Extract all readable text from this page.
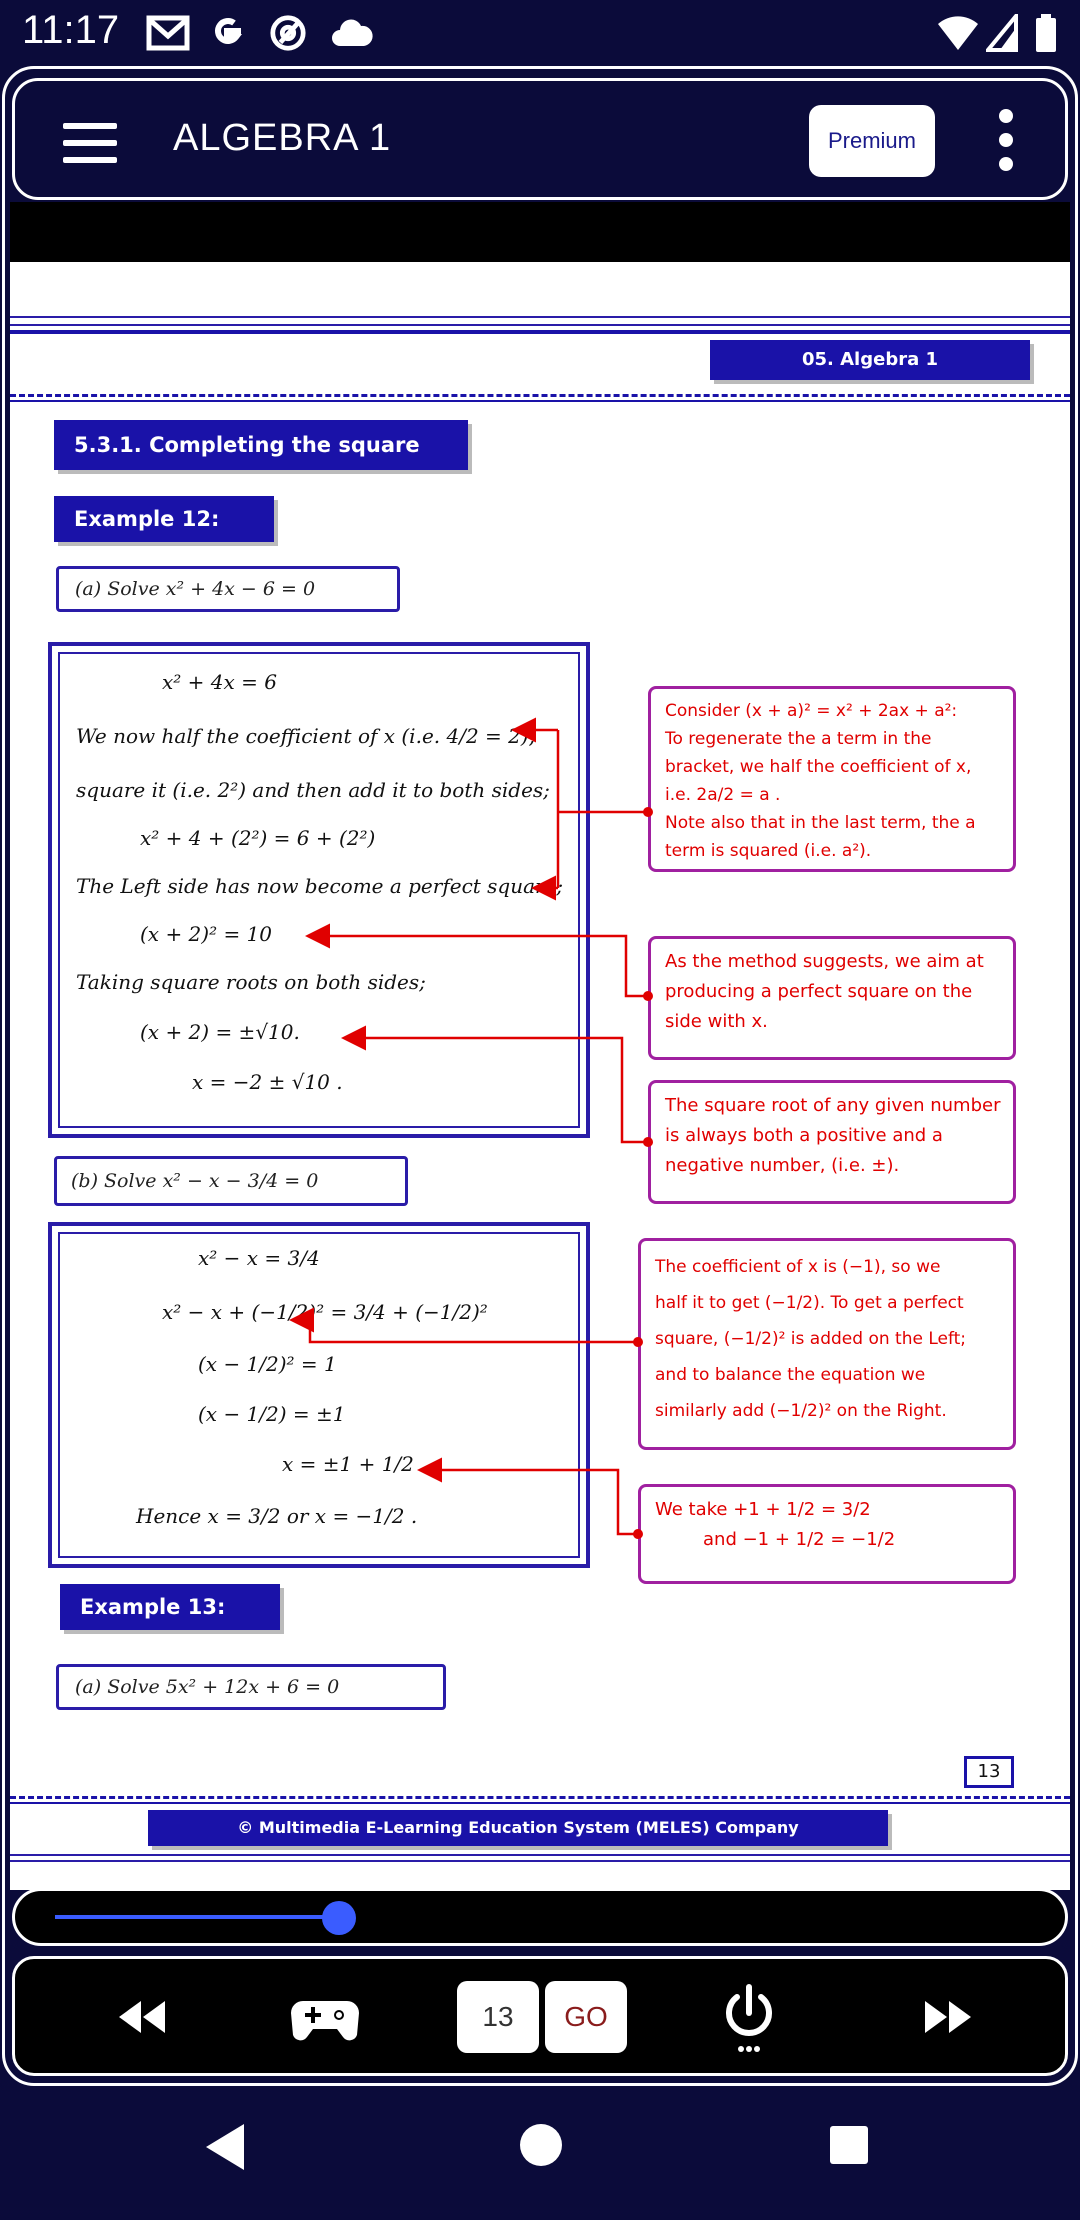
11:17
ALGEBRA 1	Premium
05. Algebra 1
5.3.1. Completing the square
Example 12:
(a) Solve x² + 4x − 6 = 0
x² + 4x = 6
We now half the coefficient of x (i.e. 4/2 = 2),
square it (i.e. 2²) and then add it to both sides;
x² + 4 + (2²) = 6 + (2²)
The Left side has now become a perfect square;
(x + 2)² = 10
Taking square roots on both sides;
(x + 2) = ±√10.
x = −2 ± √10 .
Consider (x + a)² = x² + 2ax + a²:
To regenerate the a term in the
bracket, we half the coefficient of x,
i.e. 2a/2 = a .
Note also that in the last term, the a
term is squared (i.e. a²).
As the method suggests, we aim at
producing a perfect square on the
side with x.
The square root of any given number
is always both a positive and a
negative number, (i.e. ±).
(b) Solve x² − x − 3/4 = 0
x² − x = 3/4
x² − x + (−1/2)² = 3/4 + (−1/2)²
(x − 1/2)² = 1
(x − 1/2) = ±1
x = ±1 + 1/2 .
Hence x = 3/2 or x = −1/2 .
The coefficient of x is (−1), so we
half it to get (−1/2). To get a perfect
square, (−1/2)² is added on the Left;
and to balance the equation we
similarly add (−1/2)² on the Right.
We take +1 + 1/2 = 3/2
and −1 + 1/2 = −1/2
Example 13:
(a) Solve 5x² + 12x + 6 = 0
13
© Multimedia E-Learning Education System (MELES) Company
13
GO
